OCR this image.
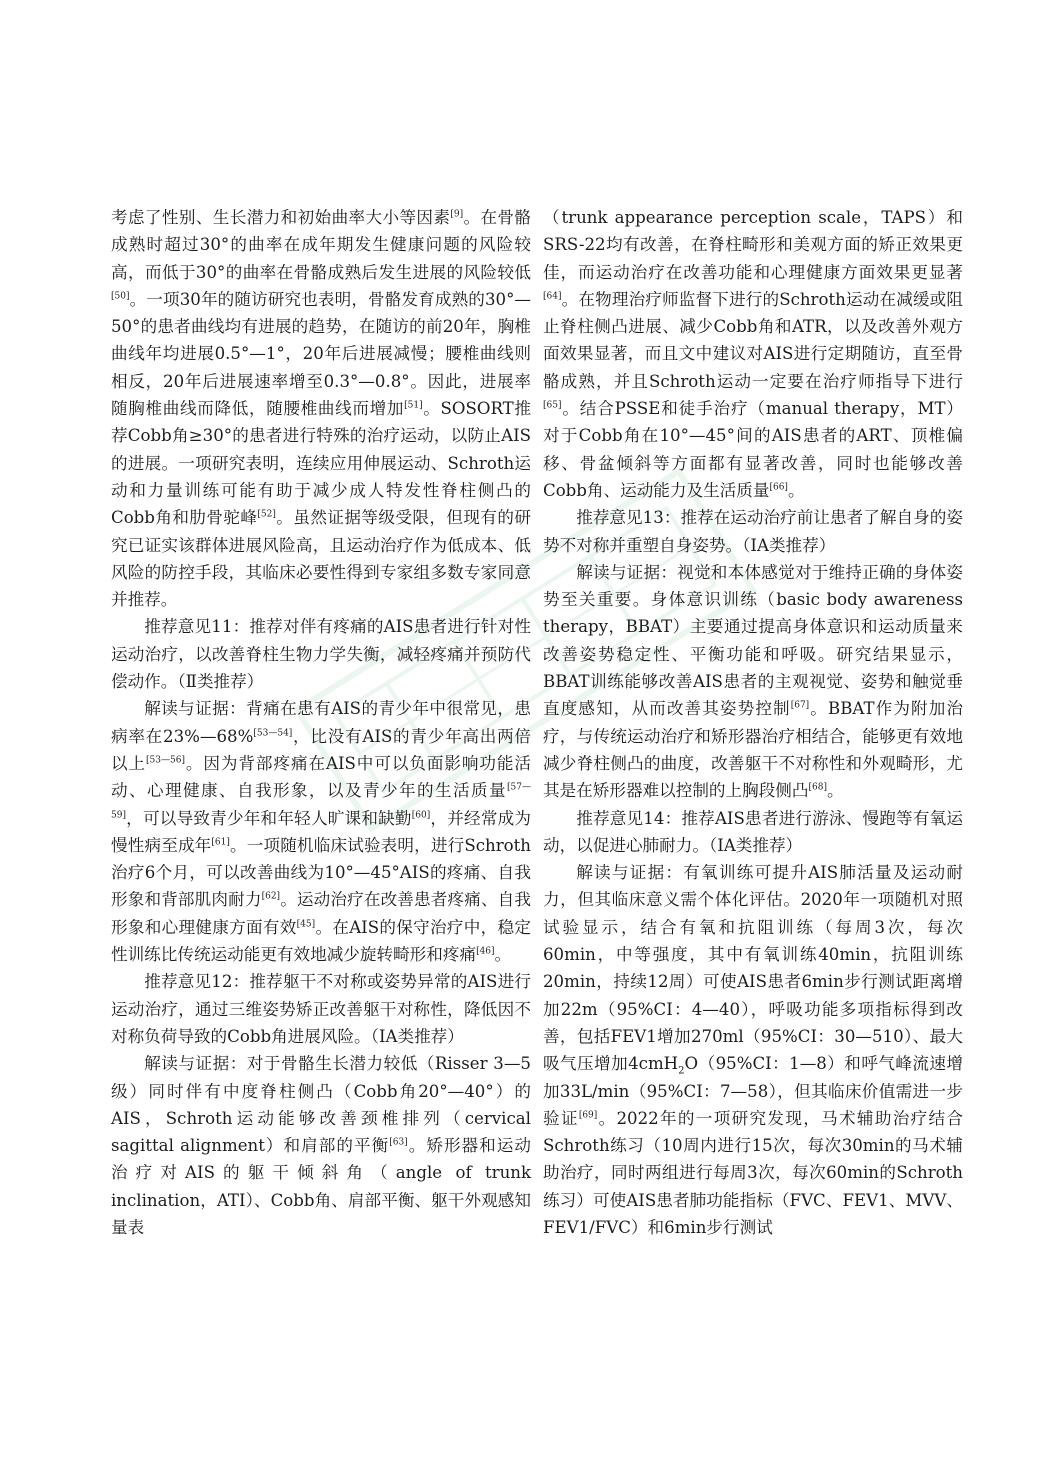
考虑了性别、生长潜力和初始曲率大小等因素[9]。在骨骼成熟时超过30°的曲率在成年期发生健康问题的风险较高，而低于30°的曲率在骨骼成熟后发生进展的风险较低[50]。一项30年的随访研究也表明，骨骼发育成熟的30°—50°的患者曲线均有进展的趋势，在随访的前20年，胸椎曲线年均进展0.5°—1°，20年后进展减慢；腰椎曲线则相反，20年后进展速率增至0.3°—0.8°。因此，进展率随胸椎曲线而降低，随腰椎曲线而增加[51]。SOSORT推荐Cobb角≥30°的患者进行特殊的治疗运动，以防止AIS的进展。一项研究表明，连续应用伸展运动、Schroth运动和力量训练可能有助于减少成人特发性脊柱侧凸的Cobb角和肋骨驼峰[52]。虽然证据等级受限，但现有的研究已证实该群体进展风险高，且运动治疗作为低成本、低风险的防控手段，其临床必要性得到专家组多数专家同意并推荐。

推荐意见11：推荐对伴有疼痛的AIS患者进行针对性运动治疗，以改善脊柱生物力学失衡，减轻疼痛并预防代偿动作。（Ⅱ类推荐）

解读与证据：背痛在患有AIS的青少年中很常见，患病率在23%—68%[53—54]，比没有AIS的青少年高出两倍以上[53—56]。因为背部疼痛在AIS中可以负面影响功能活动、心理健康、自我形象，以及青少年的生活质量[57—59]，可以导致青少年和年轻人旷课和缺勤[60]，并经常成为慢性病至成年[61]。一项随机临床试验表明，进行Schroth治疗6个月，可以改善曲线为10°—45°AIS的疼痛、自我形象和背部肌肉耐力[62]。运动治疗在改善患者疼痛、自我形象和心理健康方面有效[45]。在AIS的保守治疗中，稳定性训练比传统运动能更有效地减少旋转畸形和疼痛[46]。

推荐意见12：推荐躯干不对称或姿势异常的AIS进行运动治疗，通过三维姿势矫正改善躯干对称性，降低因不对称负荷导致的Cobb角进展风险。（ⅠA类推荐）

解读与证据：对于骨骼生长潜力较低（Risser 3—5级）同时伴有中度脊柱侧凸（Cobb角20°—40°）的AIS，Schroth运动能够改善颈椎排列（cervical sagittal alignment）和肩部的平衡[63]。矫形器和运动治疗对AIS的躯干倾斜角（angle of trunk inclination，ATI）、Cobb角、肩部平衡、躯干外观感知量表

（trunk appearance perception scale，TAPS）和SRS-22均有改善，在脊柱畸形和美观方面的矫正效果更佳，而运动治疗在改善功能和心理健康方面效果更显著[64]。在物理治疗师监督下进行的Schroth运动在减缓或阻止脊柱侧凸进展、减少Cobb角和ATR，以及改善外观方面效果显著，而且文中建议对AIS进行定期随访，直至骨骼成熟，并且Schroth运动一定要在治疗师指导下进行[65]。结合PSSE和徒手治疗（manual therapy，MT）对于Cobb角在10°—45°间的AIS患者的ART、顶椎偏移、骨盆倾斜等方面都有显著改善，同时也能够改善Cobb角、运动能力及生活质量[66]。

推荐意见13：推荐在运动治疗前让患者了解自身的姿势不对称并重塑自身姿势。（ⅠA类推荐）

解读与证据：视觉和本体感觉对于维持正确的身体姿势至关重要。身体意识训练（basic body awareness therapy，BBAT）主要通过提高身体意识和运动质量来改善姿势稳定性、平衡功能和呼吸。研究结果显示，BBAT训练能够改善AIS患者的主观视觉、姿势和触觉垂直度感知，从而改善其姿势控制[67]。BBAT作为附加治疗，与传统运动治疗和矫形器治疗相结合，能够更有效地减少脊柱侧凸的曲度，改善躯干不对称性和外观畸形，尤其是在矫形器难以控制的上胸段侧凸[68]。

推荐意见14：推荐AIS患者进行游泳、慢跑等有氧运动，以促进心肺耐力。（ⅠA类推荐）

解读与证据：有氧训练可提升AIS肺活量及运动耐力，但其临床意义需个体化评估。2020年一项随机对照试验显示，结合有氧和抗阻训练（每周3次，每次60min，中等强度，其中有氧训练40min，抗阻训练20min，持续12周）可使AIS患者6min步行测试距离增加22m（95%CI：4—40），呼吸功能多项指标得到改善，包括FEV1增加270ml（95%CI：30—510）、最大吸气压增加4cmH$_2$O（95%CI：1—8）和呼气峰流速增加33L/min（95%CI：7—58），但其临床价值需进一步验证[69]。2022年的一项研究发现，马术辅助治疗结合Schroth练习（10周内进行15次，每次30min的马术辅助治疗，同时两组进行每周3次，每次60min的Schroth练习）可使AIS患者肺功能指标（FVC、FEV1、MVV、FEV1/FVC）和6min步行测试
